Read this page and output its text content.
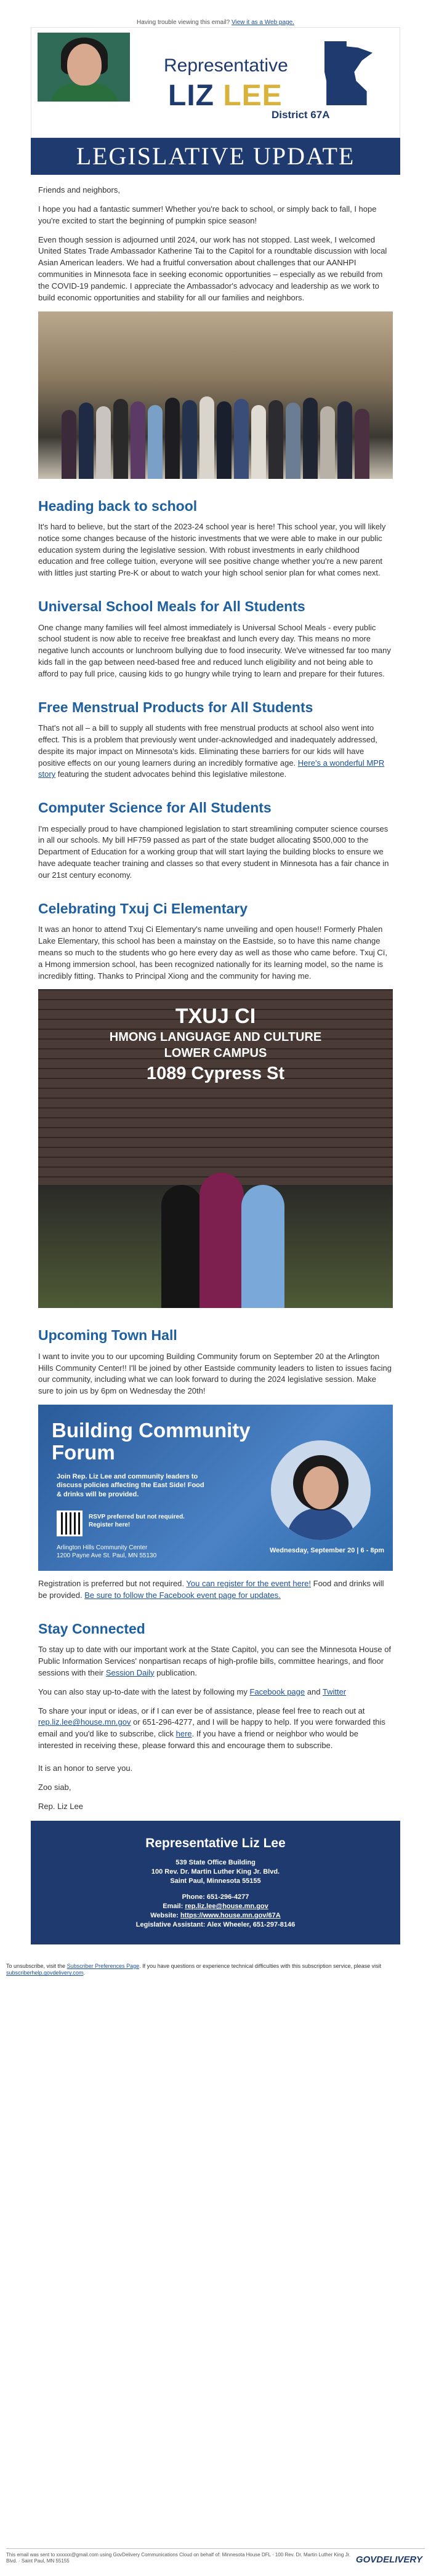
Having trouble viewing this email? View it as a Web page.
Representative
LIZ LEE
District 67A
LEGISLATIVE UPDATE

Friends and neighbors,

I hope you had a fantastic summer! Whether you're back to school, or simply back to fall, I hope you're excited to start the beginning of pumpkin spice season!

Even though session is adjourned until 2024, our work has not stopped. Last week, I welcomed United States Trade Ambassador Katherine Tai to the Capitol for a roundtable discussion with local Asian American leaders. We had a fruitful conversation about challenges that our AANHPI communities in Minnesota face in seeking economic opportunities – especially as we rebuild from the COVID-19 pandemic. I appreciate the Ambassador's advocacy and leadership as we work to build economic opportunities and stability for all our families and neighbors.

Heading back to school

It's hard to believe, but the start of the 2023-24 school year is here! This school year, you will likely notice some changes because of the historic investments that we were able to make in our public education system during the legislative session. With robust investments in early childhood education and free college tuition, everyone will see positive change whether you're a new parent with littles just starting Pre-K or about to watch your high school senior plan for what comes next.

Universal School Meals for All Students

One change many families will feel almost immediately is Universal School Meals - every public school student is now able to receive free breakfast and lunch every day. This means no more negative lunch accounts or lunchroom bullying due to food insecurity. We've witnessed far too many kids fall in the gap between need-based free and reduced lunch eligibility and not being able to afford to pay full price, causing kids to go hungry while trying to learn and prepare for their futures.

Free Menstrual Products for All Students

That's not all – a bill to supply all students with free menstrual products at school also went into effect. This is a problem that previously went under-acknowledged and inadequately addressed, despite its major impact on Minnesota's kids. Eliminating these barriers for our kids will have positive effects on our young learners during an incredibly formative age. Here's a wonderful MPR story featuring the student advocates behind this legislative milestone.

Computer Science for All Students

I'm especially proud to have championed legislation to start streamlining computer science courses in all our schools. My bill HF759 passed as part of the state budget allocating $500,000 to the Department of Education for a working group that will start laying the building blocks to ensure we have adequate teacher training and classes so that every student in Minnesota has a fair chance in our 21st century economy.

Celebrating Txuj Ci Elementary

It was an honor to attend Txuj Ci Elementary's name unveiling and open house!! Formerly Phalen Lake Elementary, this school has been a mainstay on the Eastside, so to have this name change means so much to the students who go here every day as well as those who came before. Txuj Cï, a Hmong immersion school, has been recognized nationally for its learning model, so the name is incredibly fitting. Thanks to Principal Xiong and the community for having me.

TXUJ CI
HMONG LANGUAGE AND CULTURE
LOWER CAMPUS
1089 Cypress St
Upcoming Town Hall

I want to invite you to our upcoming Building Community forum on September 20 at the Arlington Hills Community Center!! I'll be joined by other Eastside community leaders to listen to issues facing our community, including what we can look forward to during the 2024 legislative session. Make sure to join us by 6pm on Wednesday the 20th!

Building Community
Forum
Join Rep. Liz Lee and community leaders to discuss policies affecting the East Side! Food & drinks will be provided.
RSVP preferred but not required. Register here!
Arlington Hills Community Center
1200 Payne Ave St. Paul, MN 55130
Wednesday, September 20 | 6 - 8pm

Registration is preferred but not required. You can register for the event here! Food and drinks will be provided. Be sure to follow the Facebook event page for updates.

Stay Connected

To stay up to date with our important work at the State Capitol, you can see the Minnesota House of Public Information Services' nonpartisan recaps of high-profile bills, committee hearings, and floor sessions with their Session Daily publication.

You can also stay up-to-date with the latest by following my Facebook page and Twitter

To share your input or ideas, or if I can ever be of assistance, please feel free to reach out at rep.liz.lee@house.mn.gov or 651-296-4277, and I will be happy to help. If you were forwarded this email and you'd like to subscribe, click here. If you have a friend or neighbor who would be interested in receiving these, please forward this and encourage them to subscribe.

It is an honor to serve you.

Zoo siab,

Rep. Liz Lee

Representative Liz Lee
539 State Office Building
100 Rev. Dr. Martin Luther King Jr. Blvd.
Saint Paul, Minnesota 55155
Phone: 651-296-4277
Email: rep.liz.lee@house.mn.gov
Website: https://www.house.mn.gov/67A
Legislative Assistant: Alex Wheeler, 651-297-8146
To unsubscribe, visit the Subscriber Preferences Page. If you have questions or experience technical difficulties with this subscription service, please visit subscriberhelp.govdelivery.com.
This email was sent to xxxxxx@gmail.com using GovDelivery Communications Cloud on behalf of: Minnesota House DFL · 100 Rev. Dr. Martin Luther King Jr. Blvd. · Saint Paul, MN 55155	GOVDELIVERY
